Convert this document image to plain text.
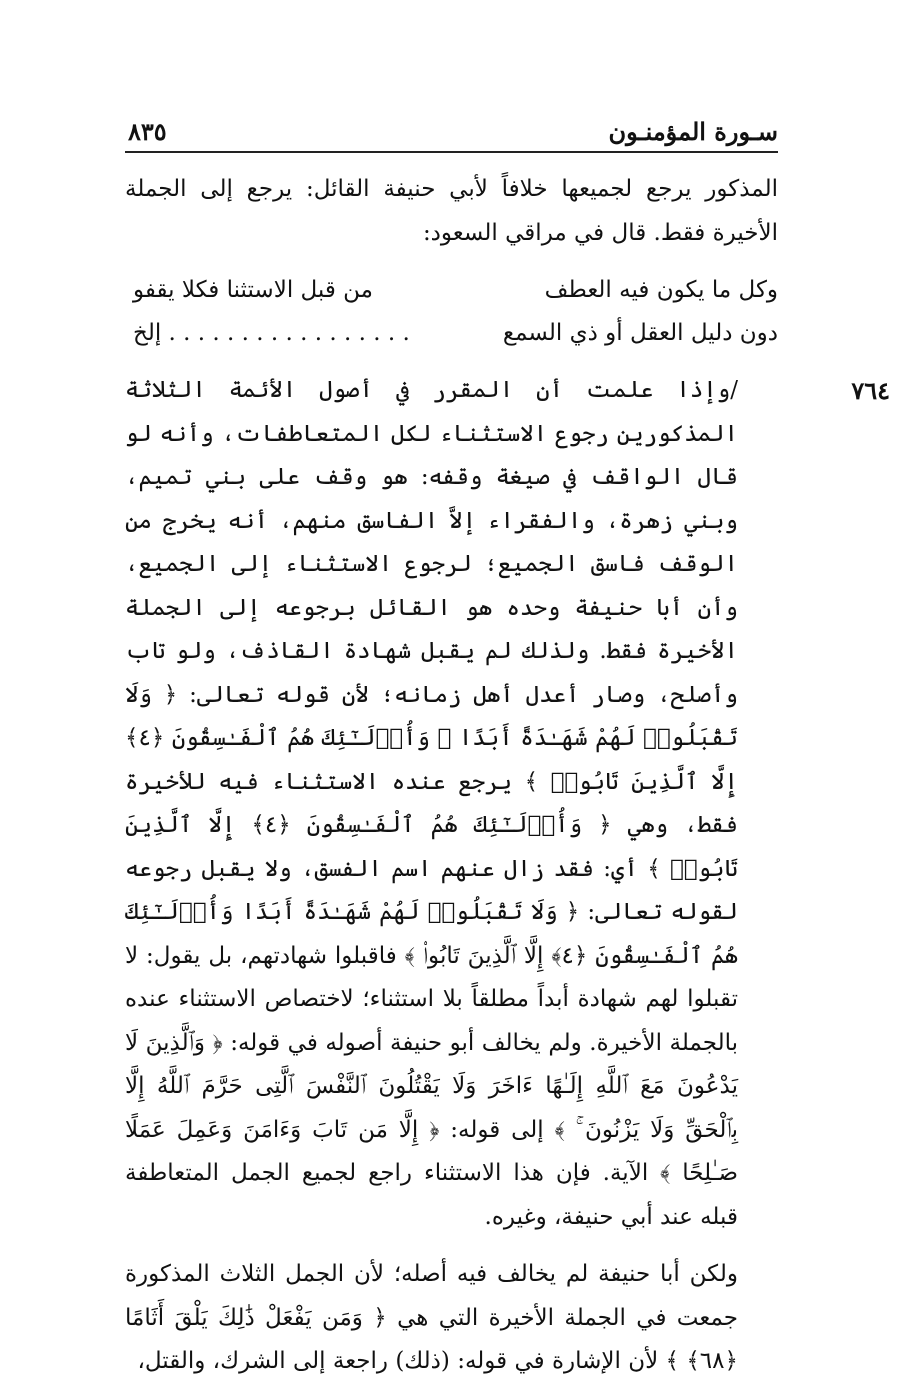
سـورة المؤمنـون
٨٣٥

المذكور يرجع لجميعها خلافاً لأبي حنيفة القائل: يرجع إلى الجملة الأخيرة فقط. قال في مراقي السعود:

وكل ما يكون فيه العطف
من قبل الاستثنا فكلا يقفو
دون دليل العقل أو ذي السمع
. . . . . . . . . . . . . . . . . إلخ
٧٦٤

/وإذا علمت أن المقرر في أصول الأئمة الثلاثة المذكورين رجوع الاستثناء لكل المتعاطفات، وأنه لو قال الواقف في صيغة وقفه: هو وقف على بني تميم، وبني زهرة، والفقراء إلاَّ الفاسق منهم، أنه يخرج من الوقف فاسق الجميع؛ لرجوع الاستثناء إلى الجميع، وأن أبا حنيفة وحده هو القائل برجوعه إلى الجملة الأخيرة فقط. ولذلك لم يقبل شهادة القاذف، ولو تاب وأصلح، وصار أعدل أهل زمانه؛ لأن قوله تعالى: ﴿ وَلَا تَقْبَلُوا۟ لَهُمْ شَهَـٰدَةً أَبَدًا ۚ وَأُو۟لَـٰٓئِكَ هُمُ ٱلْفَـٰسِقُونَ ﴿٤﴾ إِلَّا ٱلَّذِينَ تَابُوا۟ ﴾ يرجع عنده الاستثناء فيه للأخيرة فقط، وهي ﴿ وَأُو۟لَـٰٓئِكَ هُمُ ٱلْفَـٰسِقُونَ ﴿٤﴾ إِلَّا ٱلَّذِينَ تَابُوا۟ ﴾ أي: فقد زال عنهم اسم الفسق، ولا يقبل رجوعه لقوله تعالى: ﴿ وَلَا تَقْبَلُوا۟ لَهُمْ شَهَـٰدَةً أَبَدًا وَأُو۟لَـٰٓئِكَ هُمُ ٱلْفَـٰسِقُونَ ﴿٤﴾ إِلَّا ٱلَّذِينَ تَابُوا۟ ﴾ فاقبلوا شهادتهم، بل يقول: لا تقبلوا لهم شهادة أبداً مطلقاً بلا استثناء؛ لاختصاص الاستثناء عنده بالجملة الأخيرة. ولم يخالف أبو حنيفة أصوله في قوله: ﴿ وَٱلَّذِينَ لَا يَدْعُونَ مَعَ ٱللَّهِ إِلَـٰهًا ءَاخَرَ وَلَا يَقْتُلُونَ ٱلنَّفْسَ ٱلَّتِى حَرَّمَ ٱللَّهُ إِلَّا بِٱلْحَقِّ وَلَا يَزْنُونَ ۚ ﴾ إلى قوله: ﴿ إِلَّا مَن تَابَ وَءَامَنَ وَعَمِلَ عَمَلًا صَـٰلِحًا ﴾ الآية. فإن هذا الاستثناء راجع لجميع الجمل المتعاطفة قبله عند أبي حنيفة، وغيره.

ولكن أبا حنيفة لم يخالف فيه أصله؛ لأن الجمل الثلاث المذكورة جمعت في الجملة الأخيرة التي هي ﴿ وَمَن يَفْعَلْ ذَٰلِكَ يَلْقَ أَثَامًا ﴿٦٨﴾ ﴾ لأن الإشارة في قوله: (ذلك) راجعة إلى الشرك، والقتل،
